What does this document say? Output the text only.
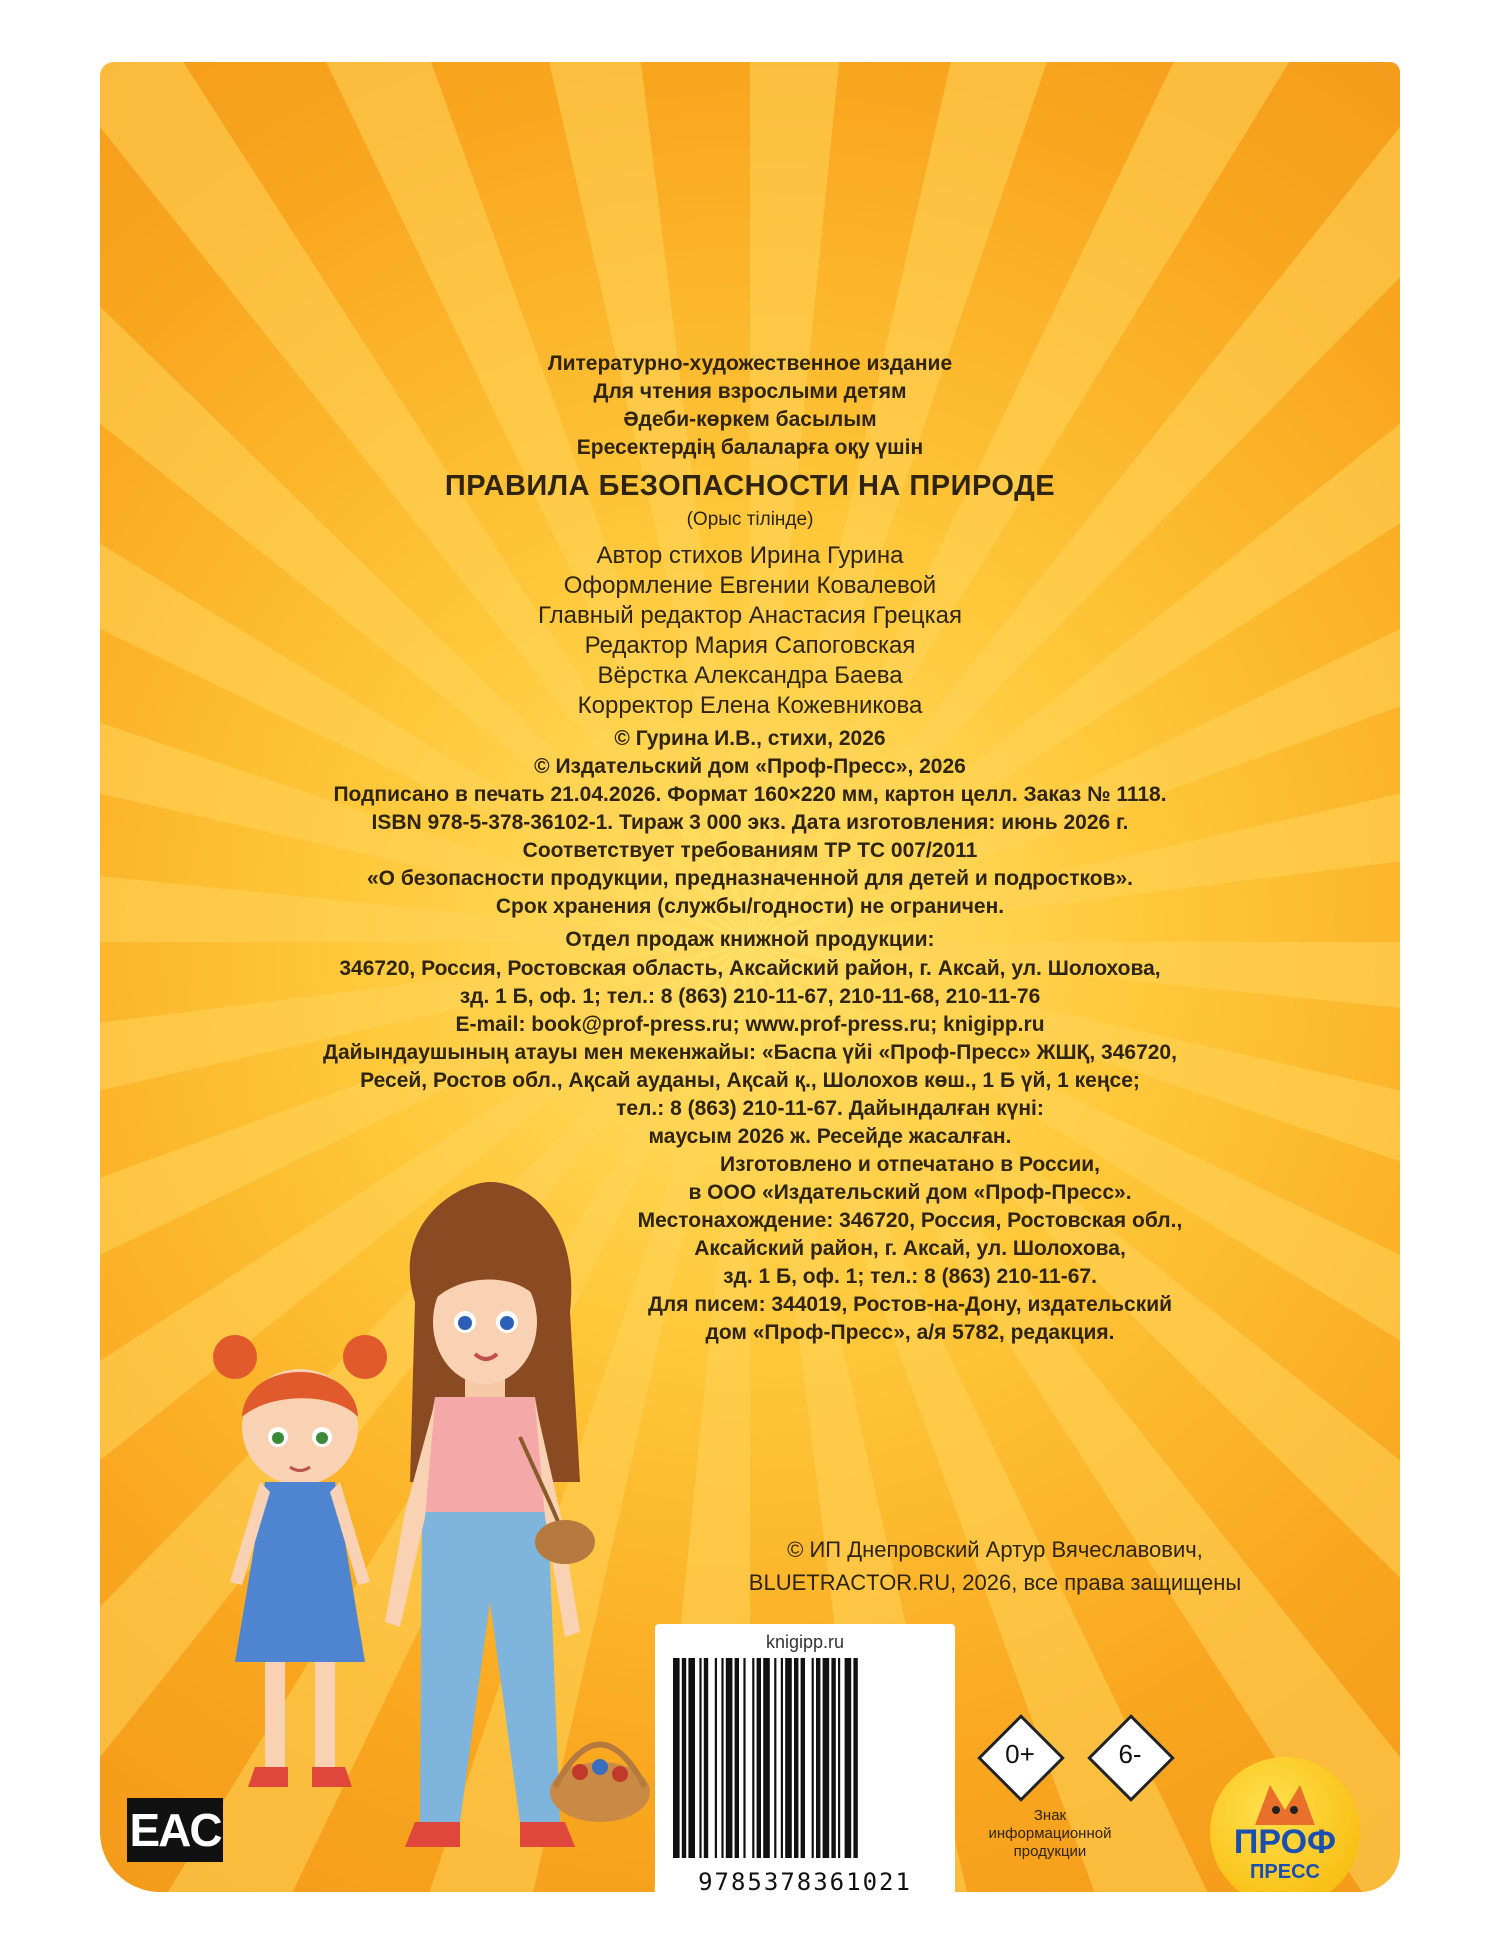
Литературно-художественное издание
Для чтения взрослыми детям
Әдеби-көркем басылым
Ересектердің балаларға оқу үшін
ПРАВИЛА БЕЗОПАСНОСТИ НА ПРИРОДЕ
(Орыс тілінде)
Автор стихов Ирина Гурина
Оформление Евгении Ковалевой
Главный редактор Анастасия Грецкая
Редактор Мария Сапоговская
Вёрстка Александра Баева
Корректор Елена Кожевникова
© Гурина И.В., стихи, 2026
© Издательский дом «Проф-Пресс», 2026
Подписано в печать 21.04.2026. Формат 160×220 мм, картон целл. Заказ № 1118.
ISBN 978-5-378-36102-1. Тираж 3 000 экз. Дата изготовления: июнь 2026 г.
Соответствует требованиям ТР ТС 007/2011
«О безопасности продукции, предназначенной для детей и подростков».
Срок хранения (службы/годности) не ограничен.
Отдел продаж книжной продукции:
346720, Россия, Ростовская область, Аксайский район, г. Аксай, ул. Шолохова,
зд. 1 Б, оф. 1; тел.: 8 (863) 210-11-67, 210-11-68, 210-11-76
E-mail: book@prof-press.ru; www.prof-press.ru; knigipp.ru
Дайындаушының атауы мен мекенжайы: «Баспа үйі «Проф-Пресс» ЖШҚ, 346720,
Ресей, Ростов обл., Ақсай ауданы, Ақсай қ., Шолохов көш., 1 Б үй, 1 кеңсе;
тел.: 8 (863) 210-11-67. Дайындалған күні:
маусым 2026 ж. Ресейде жасалған.
Изготовлено и отпечатано в России,
в ООО «Издательский дом «Проф-Пресс».
Местонахождение: 346720, Россия, Ростовская обл.,
Аксайский район, г. Аксай, ул. Шолохова,
зд. 1 Б, оф. 1; тел.: 8 (863) 210-11-67.
Для писем: 344019, Ростов-на-Дону, издательский
дом «Проф-Пресс», а/я 5782, редакция.
© ИП Днепровский Артур Вячеславович,
BLUETRACTOR.RU, 2026, все права защищены
EAC
knigipp.ru
9785378361021
0+	6-
Знак
информационной
продукции	ПРОФ
ПРЕСС
